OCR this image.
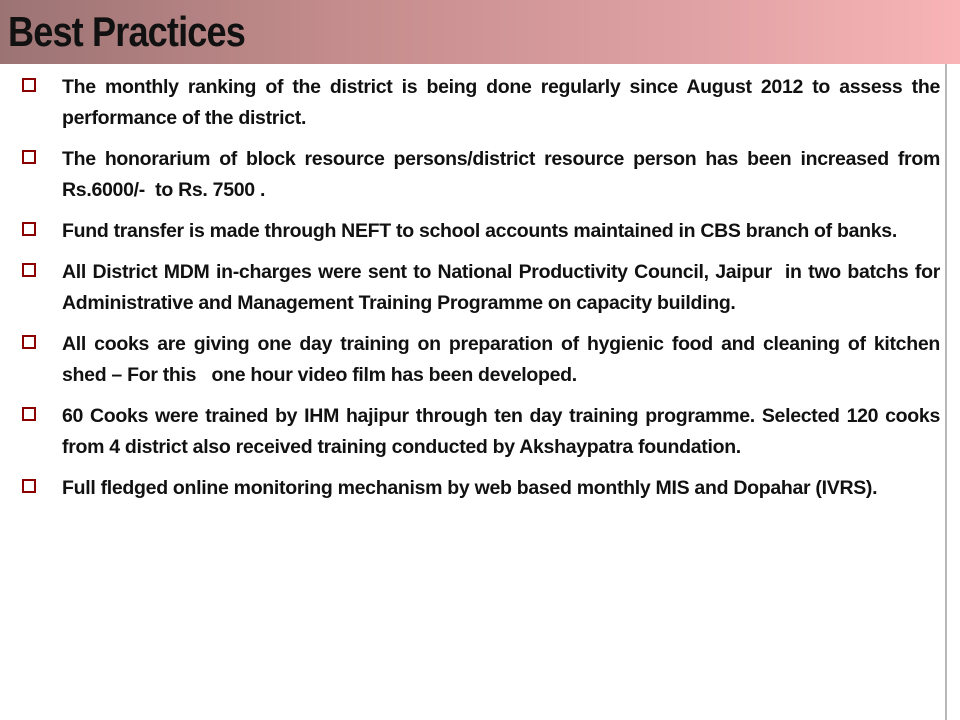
Best Practices
The monthly ranking of the district is being done regularly since August 2012 to assess the performance of the district.
The honorarium of block resource persons/district resource person has been increased from Rs.6000/-  to Rs. 7500 .
Fund transfer is made through NEFT to school accounts maintained in CBS branch of banks.
All District MDM in-charges were sent to National Productivity Council, Jaipur  in two batchs for Administrative and Management Training Programme on capacity building.
All cooks are giving one day training on preparation of hygienic food and cleaning of kitchen shed – For this   one hour video film has been developed.
60 Cooks were trained by IHM hajipur through ten day training programme. Selected 120 cooks from 4 district also received training conducted by Akshaypatra foundation.
Full fledged online monitoring mechanism by web based monthly MIS and Dopahar (IVRS).
